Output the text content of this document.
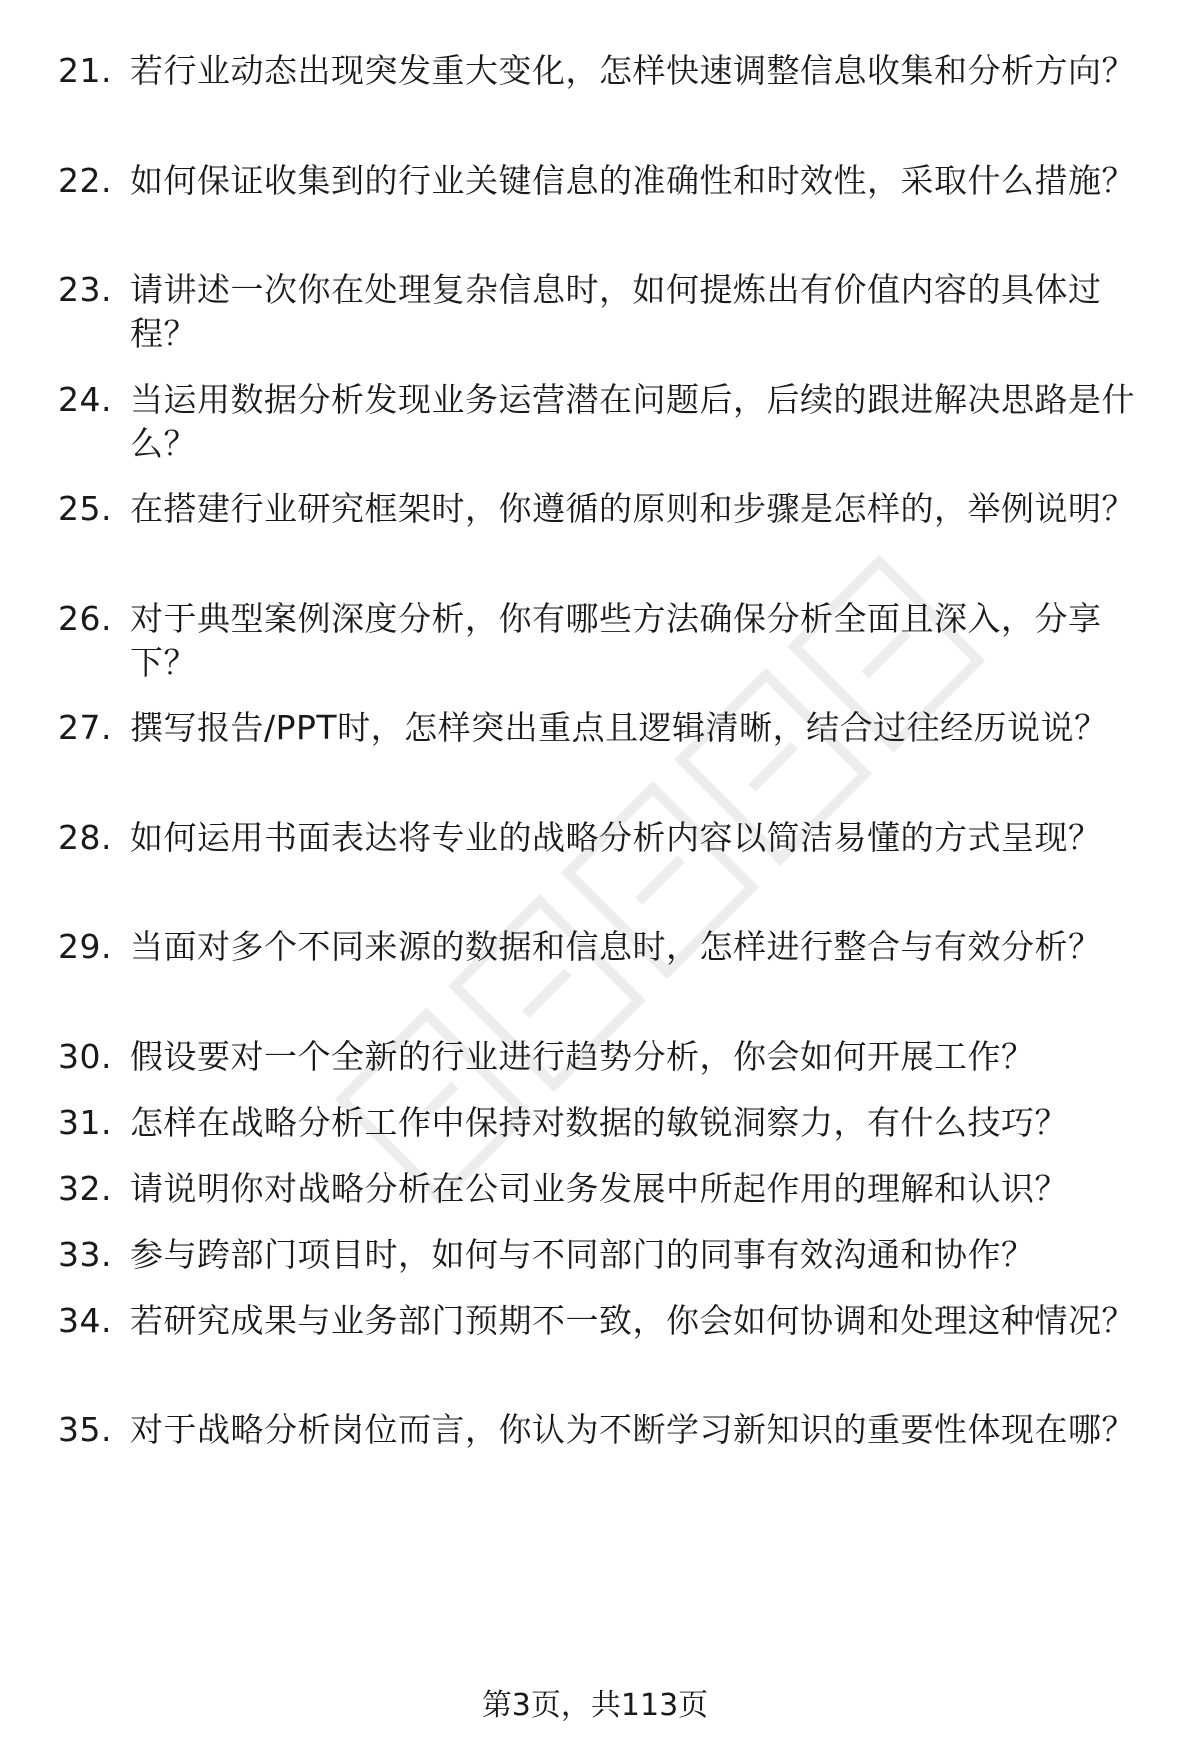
21. 若行业动态出现突发重大变化，怎样快速调整信息收集和分析方向？
22. 如何保证收集到的行业关键信息的准确性和时效性，采取什么措施？
23. 请讲述一次你在处理复杂信息时，如何提炼出有价值内容的具体过程？
24. 当运用数据分析发现业务运营潜在问题后，后续的跟进解决思路是什么？
25. 在搭建行业研究框架时，你遵循的原则和步骤是怎样的，举例说明？
26. 对于典型案例深度分析，你有哪些方法确保分析全面且深入，分享下？
27. 撰写报告/PPT时，怎样突出重点且逻辑清晰，结合过往经历说说？
28. 如何运用书面表达将专业的战略分析内容以简洁易懂的方式呈现？
29. 当面对多个不同来源的数据和信息时，怎样进行整合与有效分析？
30. 假设要对一个全新的行业进行趋势分析，你会如何开展工作？
31. 怎样在战略分析工作中保持对数据的敏锐洞察力，有什么技巧？
32. 请说明你对战略分析在公司业务发展中所起作用的理解和认识？
33. 参与跨部门项目时，如何与不同部门的同事有效沟通和协作？
34. 若研究成果与业务部门预期不一致，你会如何协调和处理这种情况？
35. 对于战略分析岗位而言，你认为不断学习新知识的重要性体现在哪？
第3页，共113页
